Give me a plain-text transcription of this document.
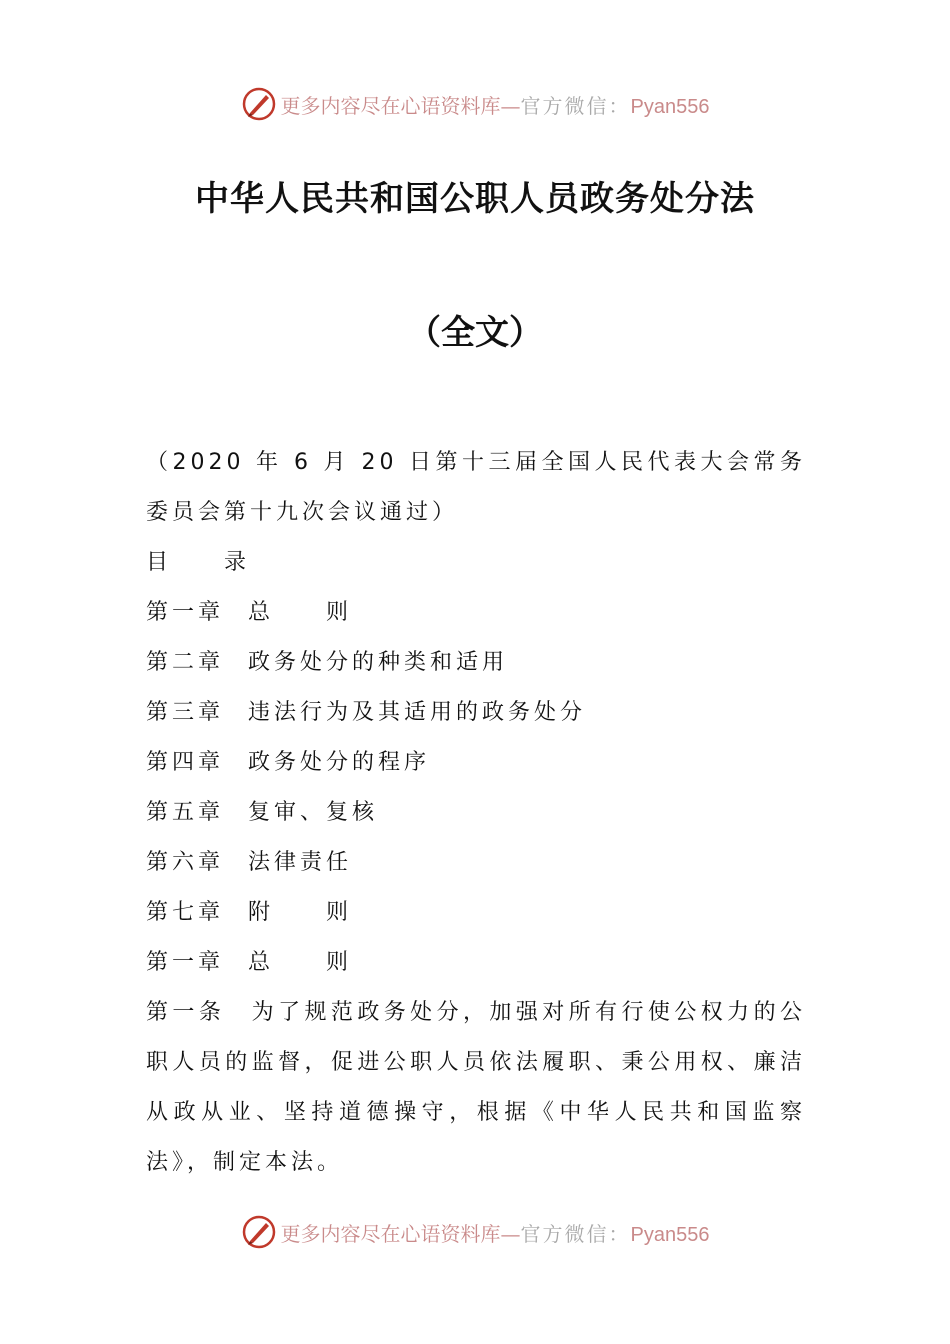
更多内容尽在心语资料库—官方微信：Pyan556
中华人民共和国公职人员政务处分法
（全文）

（2020 年 6 月 20 日第十三届全国人民代表大会常务委员会第十九次会议通过）

目 录

第一章	总　　则

第二章	政务处分的种类和适用

第三章	违法行为及其适用的政务处分

第四章	政务处分的程序

第五章	复审、复核

第六章	法律责任

第七章	附　　则

第一章	总　　则

第一条　为了规范政务处分，加强对所有行使公权力的公职人员的监督，促进公职人员依法履职、秉公用权、廉洁从政从业、坚持道德操守，根据《中华人民共和国监察法》，制定本法。

更多内容尽在心语资料库—官方微信：Pyan556
